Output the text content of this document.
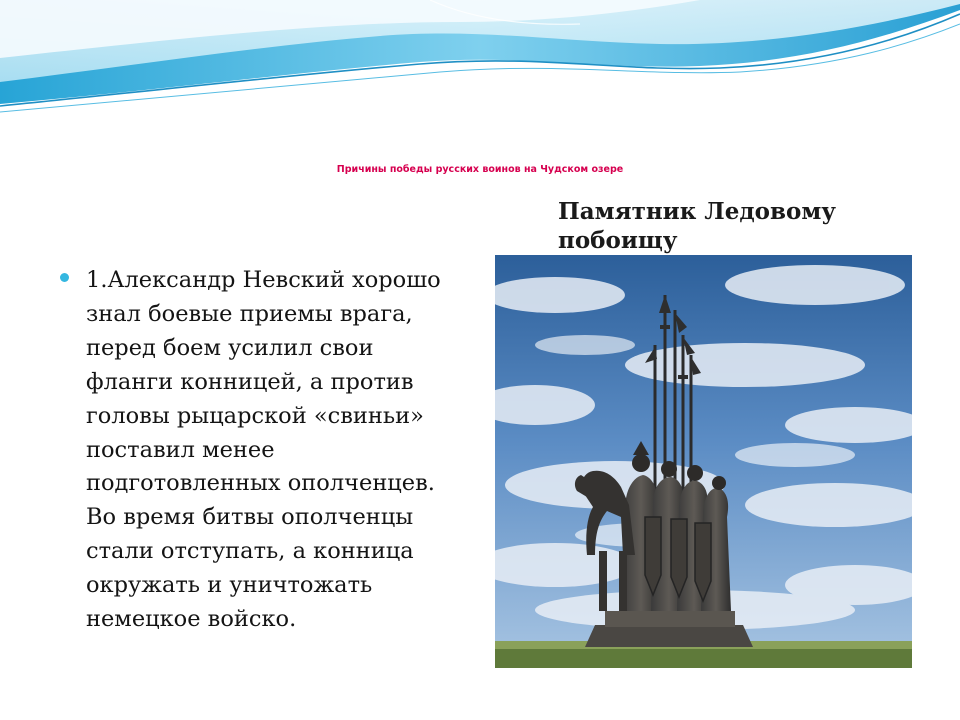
Причины победы русских воинов на Чудском озере
Памятник Ледовому
побоищу
1.Александр Невский хорошо
знал боевые приемы врага,
перед боем усилил свои
фланги конницей, а против
головы рыцарской «свиньи»
поставил менее
подготовленных ополченцев.
Во время битвы ополченцы
стали отступать, а конница
окружать и уничтожать
немецкое войско.
